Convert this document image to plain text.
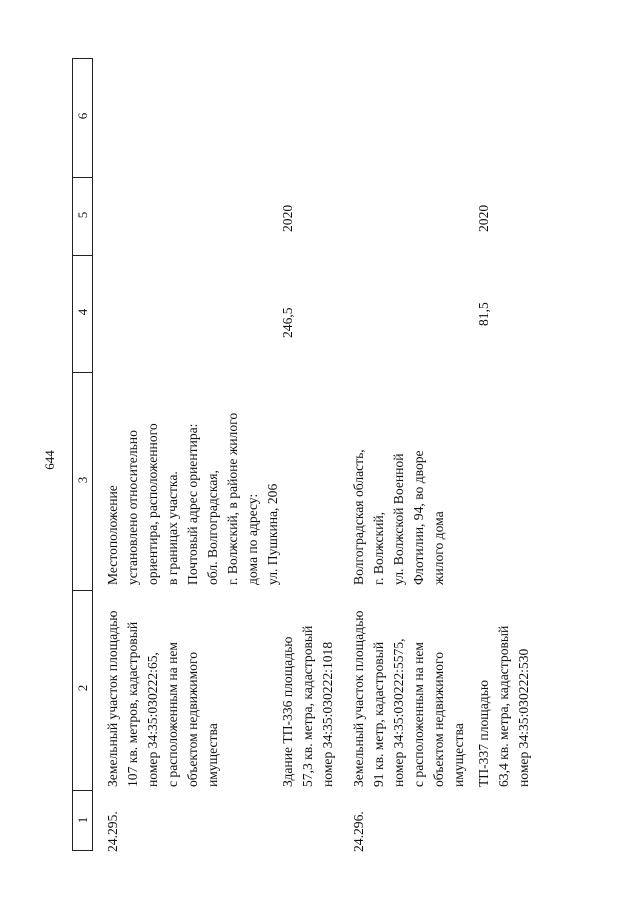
644
6
5
4
3
2
1 24.295.
Земельный участок площадью
107 кв. метров, кадастровый
номер 34:35:030222:65,
с расположенным на нем
объектом недвижимого
имущества
Местоположение
установлено относительно
ориентира, расположенного
в границах участка.
Почтовый адрес ориентира:
обл. Волгоградская,
г. Волжский, в районе жилого
дома по адресу:
ул. Пушкина, 206
Здание ТП-336 площадью
57,3 кв. метра, кадастровый
номер 34:35:030222:1018
246,5
2020
24.296.
Земельный участок площадью
91 кв. метр, кадастровый
номер 34:35:030222:5575,
с расположенным на нем
объектом недвижимого
имущества
Волгоградская область,
г. Волжский,
ул. Волжской Военной
Флотилии, 94, во дворе
жилого дома
ТП-337 площадью
63,4 кв. метра, кадастровый
номер 34:35:030222:530
81,5
2020
